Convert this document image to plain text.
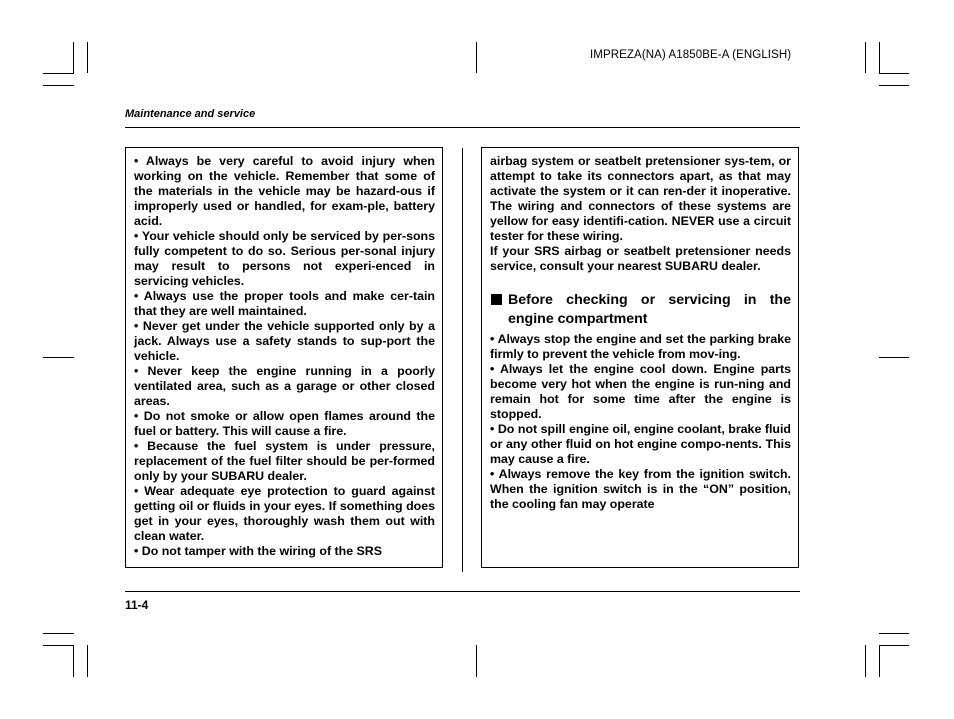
IMPREZA(NA) A1850BE-A (ENGLISH)
Maintenance and service

• Always be very careful to avoid injury when working on the vehicle. Remember that some of the materials in the vehicle may be hazard-ous if improperly used or handled, for exam-ple, battery acid.

• Your vehicle should only be serviced by per-sons fully competent to do so. Serious per-sonal injury may result to persons not experi-enced in servicing vehicles.

• Always use the proper tools and make cer-tain that they are well maintained.

• Never get under the vehicle supported only by a jack. Always use a safety stands to sup-port the vehicle.

• Never keep the engine running in a poorly ventilated area, such as a garage or other closed areas.

• Do not smoke or allow open flames around the fuel or battery. This will cause a fire.

• Because the fuel system is under pressure, replacement of the fuel filter should be per-formed only by your SUBARU dealer.

• Wear adequate eye protection to guard against getting oil or fluids in your eyes. If something does get in your eyes, thoroughly wash them out with clean water.

• Do not tamper with the wiring of the SRS

airbag system or seatbelt pretensioner sys-tem, or attempt to take its connectors apart, as that may activate the system or it can ren-der it inoperative. The wiring and connectors of these systems are yellow for easy identifi-cation. NEVER use a circuit tester for these wiring.

If your SRS airbag or seatbelt pretensioner needs service, consult your nearest SUBARU dealer.

Before checking or servicing in the engine compartment

• Always stop the engine and set the parking brake firmly to prevent the vehicle from mov-ing.

• Always let the engine cool down. Engine parts become very hot when the engine is run-ning and remain hot for some time after the engine is stopped.

• Do not spill engine oil, engine coolant, brake fluid or any other fluid on hot engine compo-nents. This may cause a fire.

• Always remove the key from the ignition switch. When the ignition switch is in the “ON” position, the cooling fan may operate

11-4
